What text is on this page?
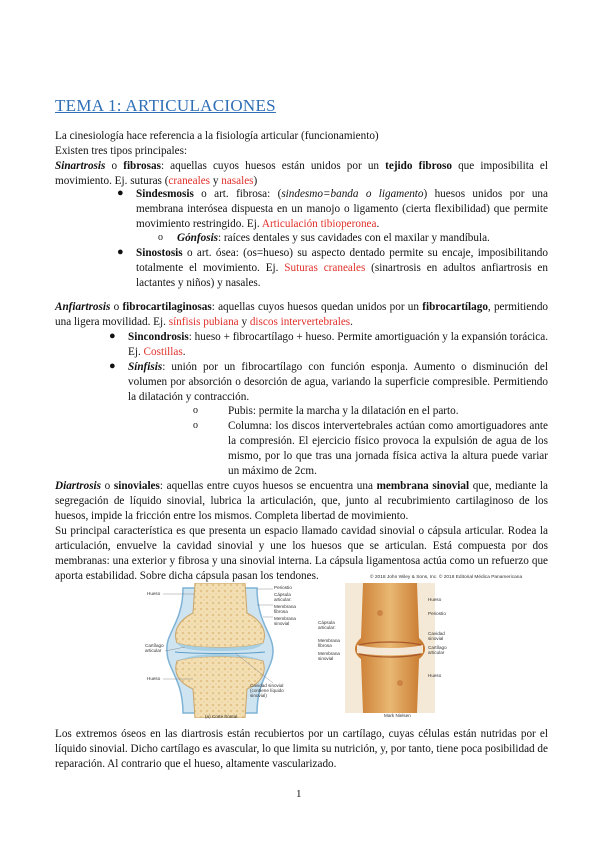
TEMA 1: ARTICULACIONES
La cinesiología hace referencia a la fisiología articular (funcionamiento)
Existen tres tipos principales:
Sinartrosis o fibrosas: aquellas cuyos huesos están unidos por un tejido fibroso que imposibilita el movimiento. Ej. suturas (craneales y nasales)
● Sindesmosis o art. fibrosa: (sindesmo=banda o ligamento) huesos unidos por una membrana interósea dispuesta en un manojo o ligamento (cierta flexibilidad) que permite movimiento restringido. Ej. Articulación tibioperonea.
o Gónfosis: raíces dentales y sus cavidades con el maxilar y mandíbula.
● Sinostosis o art. ósea: (os=hueso) su aspecto dentado permite su encaje, imposibilitando totalmente el movimiento. Ej. Suturas craneales (sinartrosis en adultos anfiartrosis en lactantes y niños) y nasales.
Anfiartrosis o fibrocartilaginosas: aquellas cuyos huesos quedan unidos por un fibrocartílago, permitiendo una ligera movilidad. Ej. sínfisis pubiana y discos intervertebrales.
● Sincondrosis: hueso + fibrocartílago + hueso. Permite amortiguación y la expansión torácica. Ej. Costillas.
● Sínfisis: unión por un fibrocartílago con función esponja. Aumento o disminución del volumen por absorción o desorción de agua, variando la superficie compresible. Permitiendo la dilatación y contracción.
o	Pubis: permite la marcha y la dilatación en el parto.
o	Columna: los discos intervertebrales actúan como amortiguadores ante la compresión. El ejercicio físico provoca la expulsión de agua de los mismo, por lo que tras una jornada física activa la altura puede variar un máximo de 2cm.
Diartrosis o sinoviales: aquellas entre cuyos huesos se encuentra una membrana sinovial que, mediante la segregación de líquido sinovial, lubrica la articulación, que, junto al recubrimiento cartilaginoso de los huesos, impide la fricción entre los mismos. Completa libertad de movimiento.
Su principal característica es que presenta un espacio llamado cavidad sinovial o cápsula articular. Rodea la articulación, envuelve la cavidad sinovial y une los huesos que se articulan. Está compuesta por dos membranas: una exterior y fibrosa y una sinovial interna. La cápsula ligamentosa actúa como un refuerzo que aporta estabilidad. Sobre dicha cápsula pasan los tendones.	© 2018 John Wiley & Sons, Inc. © 2018 Editorial Médica Panamericana
Hueso
Periostio
Cápsula articular:
Membrana fibrosa
Membrana sinovial
Cartílago articular
Hueso
Cavidad sinovial (contiene líquido sinovial)
(a) Corte frontal
Hueso
Periostio
Cápsula articular:
Membrana fibrosa
Membrana sinovial
Cavidad sinovial
Cartílago articular
Hueso
Mark Nielsen
Los extremos óseos en las diartrosis están recubiertos por un cartílago, cuyas células están nutridas por el líquido sinovial. Dicho cartílago es avascular, lo que limita su nutrición, y, por tanto, tiene poca posibilidad de reparación. Al contrario que el hueso, altamente vascularizado.
1
